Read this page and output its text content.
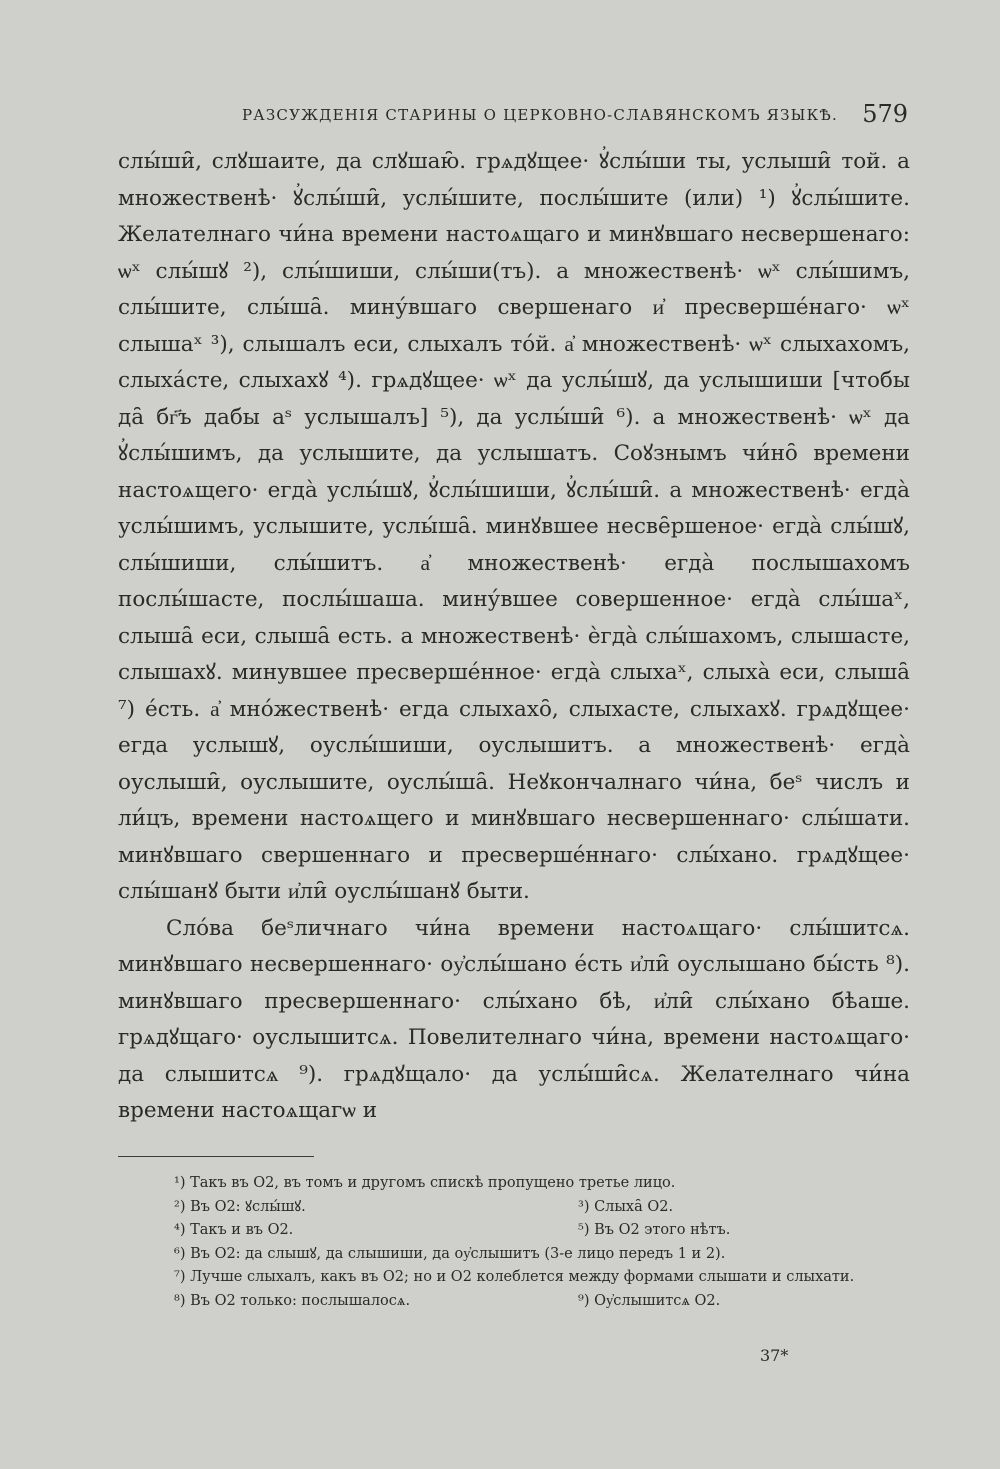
РАЗСУЖДЕНІЯ СТАРИНЫ О ЦЕРКОВНО-СЛАВЯНСКОМЪ ЯЗЫКѢ. 579

слы́ши̑, слꙋшаите, да слꙋшаю̑. грѧдꙋщее· ꙋ҆слы́ши ты, услыши̑ той. а множественѣ· ꙋ҆слы́ши̑, услы́шите, послы́шите (или) ¹) ꙋ҆слы́шите. Желателнаго чи́на времени настоѧщаго и минꙋвшаго несвершенаго: ѡˣ слы́шꙋ ²), слы́шиши, слы́ши(тъ). а множественѣ· ѡˣ слы́шимъ, слы́шите, слы́ша̑. мину́вшаго свершенаго и҆ пресверше́наго· ѡˣ слышаˣ ³), слышалъ еси, слыхалъ то́й. а҆ множественѣ· ѡˣ слыхахомъ, слыха́сте, слыхахꙋ ⁴). грѧдꙋщее· ѡˣ да услы́шꙋ, да услышиши [чтобы да̑ бг҃ъ дабы аˢ услышалъ] ⁵), да услы́ши̑ ⁶). а множественѣ· ѡˣ да ꙋ҆слы́шимъ, да услышите, да услышатъ. Соꙋзнымъ чи́но̑ времени настоѧщего· егда̀ услы́шꙋ, ꙋ҆слы́шиши, ꙋ҆слы́ши̑. а множественѣ· егда̀ услы́шимъ, услышите, услы́ша̑. минꙋвшее несве̑ршеное· егда̀ слы́шꙋ, слы́шиши, слы́шитъ. а҆ множественѣ· егда̀ послышахомъ послы́шасте, послы́шаша. мину́вшее совершенное· егда̀ слы́шаˣ, слыша̑ еси, слыша̑ есть. а множественѣ· ѐгда̀ слы́шахомъ, слышасте, слышахꙋ. минувшее пресверше́нное· егда̀ слыхаˣ, слыха̀ еси, слыша̑ ⁷) е́сть. а҆ мно́жественѣ· егда слыхахо̑, слыхасте, слыхахꙋ. грѧдꙋщее· егда услышꙋ, оуслы́шиши, оуслышитъ. а множественѣ· егда̀ оуслыши̑, оуслышите, оуслы́ша̑. Неꙋкончалнаго чи́на, беˢ числъ и ли́цъ, времени настоѧщего и минꙋвшаго несвершеннаго· слы́шати. минꙋвшаго свершеннаго и пресверше́ннаго· слы́хано. грѧдꙋщее· слы́шанꙋ быти и҆ли̑ оуслы́шанꙋ быти.

Сло́ва беˢличнаго чи́на времени настоѧщаго· слы́шитсѧ. минꙋвшаго несвершеннаго· оу҆слы́шано е́сть и҆ли̑ оуслышано бы́сть ⁸). минꙋвшаго пресвершеннаго· слы́хано бѣ, и҆ли̑ слы́хано бѣаше. грѧдꙋщаго· оуслышитсѧ. Повелителнаго чи́на, времени настоѧщаго· да слышитсѧ ⁹). грѧдꙋщало· да услы́ши̑сѧ. Желателнаго чи́на времени настоѧщагѡ и

¹) Такъ въ О2, въ томъ и другомъ спискѣ пропущено третье лицо.
²) Въ О2: ꙋслы́шꙋ.	³) Слыха̑ О2.
⁴) Такъ и въ О2.	⁵) Въ О2 этого нѣтъ.
⁶) Въ О2: да слышꙋ, да слышиши, да оу҆слышитъ (3-е лицо передъ 1 и 2).
⁷) Лучше слыхалъ, какъ въ О2; но и О2 колеблется между формами слышати и слыхати.
⁸) Въ О2 только: послышалосѧ.	⁹) Оу҆слышитсѧ О2.
37*
